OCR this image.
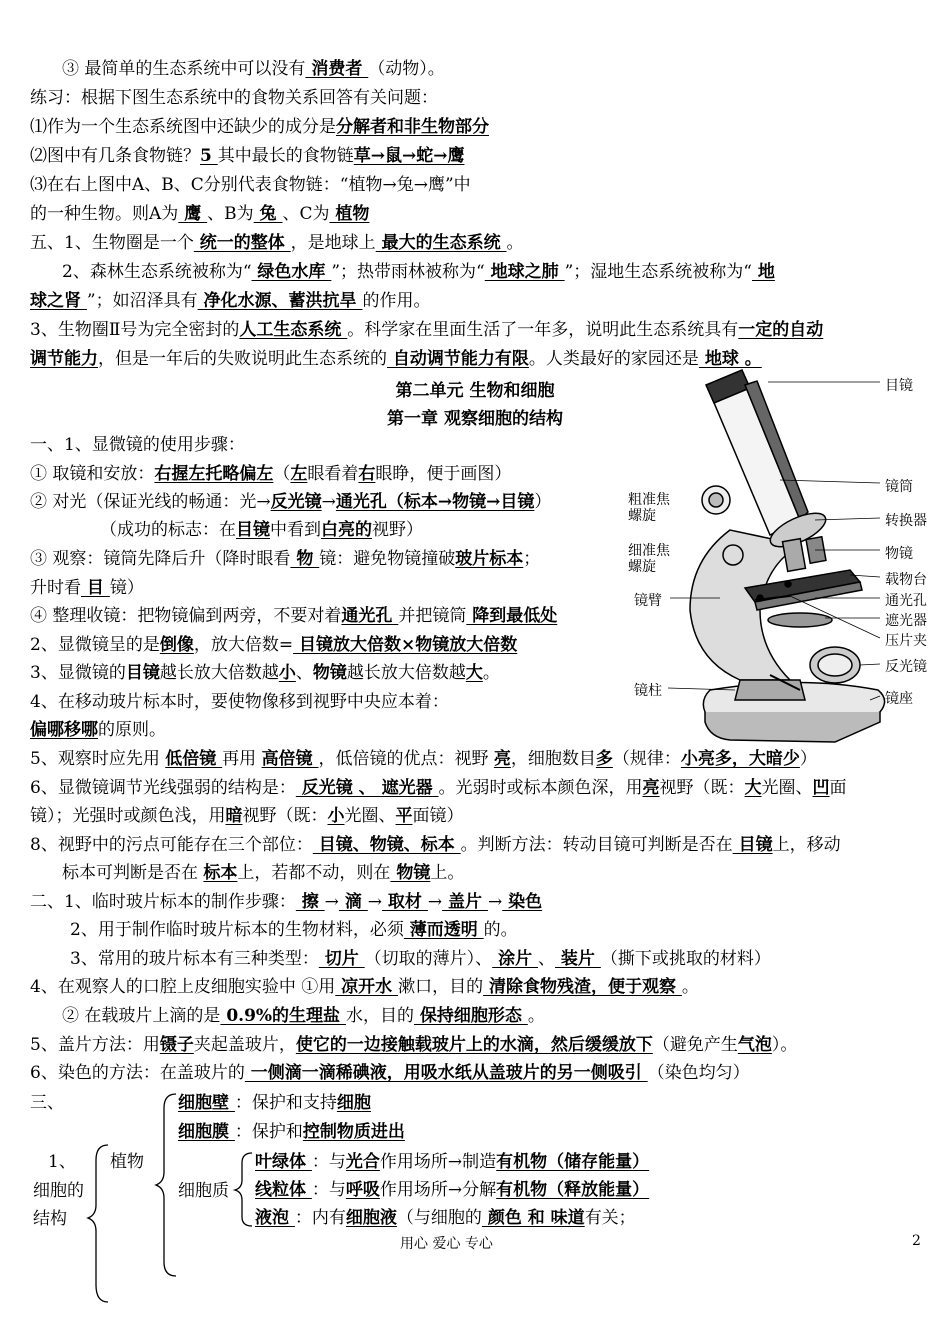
③ 最简单的生态系统中可以没有 消费者 （动物）。
练习：根据下图生态系统中的食物关系回答有关问题：
⑴作为一个生态系统图中还缺少的成分是分解者和非生物部分
⑵图中有几条食物链？5 其中最长的食物链草→鼠→蛇→鹰
⑶在右上图中A、B、C分别代表食物链：“植物→兔→鹰”中
的一种生物。则A为 鹰 、B为 兔 、C为 植物
五、1、生物圈是一个 统一的整体 ，是地球上 最大的生态系统 。
2、森林生态系统被称为“ 绿色水库 ”；热带雨林被称为“ 地球之肺 ”；湿地生态系统被称为“ 地
球之肾 ”；如沼泽具有 净化水源、蓄洪抗旱 的作用。
3、生物圈Ⅱ号为完全密封的人工生态系统 。科学家在里面生活了一年多，说明此生态系统具有一定的自动
调节能力，但是一年后的失败说明此生态系统的 自动调节能力有限。人类最好的家园还是 地球 。
第二单元 生物和细胞
第一章 观察细胞的结构
一、1、显微镜的使用步骤：
① 取镜和安放：右握左托略偏左（左眼看着右眼睁，便于画图）
② 对光（保证光线的畅通：光→反光镜→通光孔（标本→物镜→目镜）
（成功的标志：在目镜中看到白亮的视野）
③ 观察：镜筒先降后升（降时眼看 物 镜：避免物镜撞破玻片标本；
升时看 目 镜）
④ 整理收镜：把物镜偏到两旁，不要对着通光孔 并把镜筒 降到最低处
2、显微镜呈的是倒像，放大倍数= 目镜放大倍数×物镜放大倍数
3、显微镜的目镜越长放大倍数越小、物镜越长放大倍数越大。
4、在移动玻片标本时，要使物像移到视野中央应本着：
偏哪移哪的原则。
5、观察时应先用 低倍镜 再用 高倍镜 ，低倍镜的优点：视野 亮，细胞数目多（规律：小亮多，大暗少）
6、显微镜调节光线强弱的结构是： 反光镜 、 遮光器 。光弱时或标本颜色深，用亮视野（既：大光圈、凹面
镜）；光强时或颜色浅，用暗视野（既：小光圈、平面镜）
8、视野中的污点可能存在三个部位： 目镜、物镜、标本 。判断方法：转动目镜可判断是否在 目镜上，移动
标本可判断是否在 标本上，若都不动，则在 物镜上。
二、1、临时玻片标本的制作步骤： 擦 → 滴 → 取材 → 盖片 → 染色
2、用于制作临时玻片标本的生物材料，必须 薄而透明 的。
3、常用的玻片标本有三种类型： 切片 （切取的薄片）、 涂片 、 装片 （撕下或挑取的材料）
4、在观察人的口腔上皮细胞实验中 ①用 凉开水 漱口，目的 清除食物残渣，便于观察 。
② 在载玻片上滴的是 0.9%的生理盐 水，目的 保持细胞形态 。
5、盖片方法：用镊子夹起盖玻片，使它的一边接触载玻片上的水滴，然后缓缓放下（避免产生气泡）。
6、染色的方法：在盖玻片的 一侧滴一滴稀碘液，用吸水纸从盖玻片的另一侧吸引 （染色均匀）
三、	细胞壁 ：保护和支持细胞
细胞膜 ：保护和控制物质进出
叶绿体 ：与光合作用场所→制造有机物（储存能量）
线粒体 ：与呼吸作用场所→分解有机物（释放能量）
液泡 ：内有细胞液（与细胞的 颜色 和 味道有关；
1、
细胞的
结构
植物
细胞质
目镜
镜筒
转换器
物镜
载物台
通光孔
遮光器
压片夹
反光镜
镜座
粗准焦
螺旋
细准焦
螺旋
镜臂
镜柱
用心 爱心 专心	2
